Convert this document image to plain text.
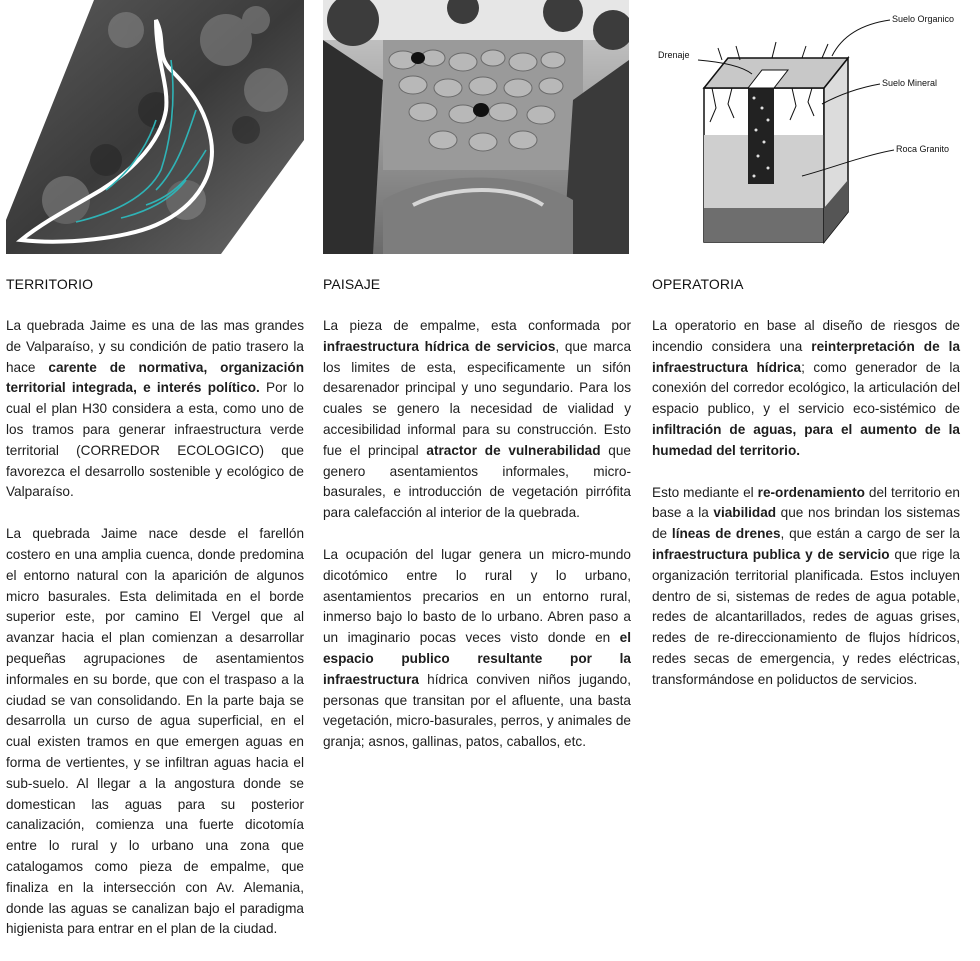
TERRITORIO

La quebrada Jaime es una de las mas grandes de Valparaíso, y su condición de patio trasero la hace carente de normativa, organización territorial integrada, e interés político. Por lo cual el plan H30 considera a esta, como uno de los tramos para generar infraestructura verde territorial (CORREDOR ECOLOGICO) que favorezca el desarrollo sostenible y ecológico de Valparaíso.

La quebrada Jaime nace desde el farellón costero en una amplia cuenca, donde predomina el entorno natural con la aparición de algunos micro basurales. Esta delimitada en el borde superior este, por camino El Vergel que al avanzar hacia el plan comienzan a desarrollar pequeñas agrupaciones de asentamientos informales en su borde, que con el traspaso a la ciudad se van consolidando. En la parte baja se desarrolla un curso de agua superficial, en el cual existen tramos en que emergen aguas en forma de vertientes, y se infiltran aguas hacia el sub-suelo. Al llegar a la angostura donde se domestican las aguas para su posterior canalización, comienza una fuerte dicotomía entre lo rural y lo urbano una zona que catalogamos como pieza de empalme, que finaliza en la intersección con Av. Alemania, donde las aguas se canalizan bajo el paradigma higienista para entrar en el plan de la ciudad.

PAISAJE

La pieza de empalme, esta conformada por infraestructura hídrica de servicios, que marca los limites de esta, especificamente un sifón desarenador principal y uno segundario. Para los cuales se genero la necesidad de vialidad y accesibilidad informal para su construcción. Esto fue el principal atractor de vulnerabilidad que genero asentamientos informales, micro-basurales, e introducción de vegetación pirrófita para calefacción al interior de la quebrada.

La ocupación del lugar genera un micro-mundo dicotómico entre lo rural y lo urbano, asentamientos precarios en un entorno rural, inmerso bajo lo basto de lo urbano. Abren paso a un imaginario pocas veces visto donde en el espacio publico resultante por la infraestructura hídrica conviven niños jugando, personas que transitan por el afluente, una basta vegetación, micro-basurales, perros, y animales de granja; asnos, gallinas, patos, caballos, etc.

Drenaje
Suelo Organico
Suelo Mineral
Roca Granito
OPERATORIA

La operatorio en base al diseño de riesgos de incendio considera una reinterpretación de la infraestructura hídrica; como generador de la conexión del corredor ecológico, la articulación del espacio publico, y el servicio eco-sistémico de infiltración de aguas, para el aumento de la humedad del territorio.

Esto mediante el re-ordenamiento del territorio en base a la viabilidad que nos brindan los sistemas de líneas de drenes, que están a cargo de ser la infraestructura publica y de servicio que rige la organización territorial planificada. Estos incluyen dentro de si, sistemas de redes de agua potable, redes de alcantarillados, redes de aguas grises, redes de re-direccionamiento de flujos hídricos, redes secas de emergencia, y redes eléctricas, transformándose en poliductos de servicios.
